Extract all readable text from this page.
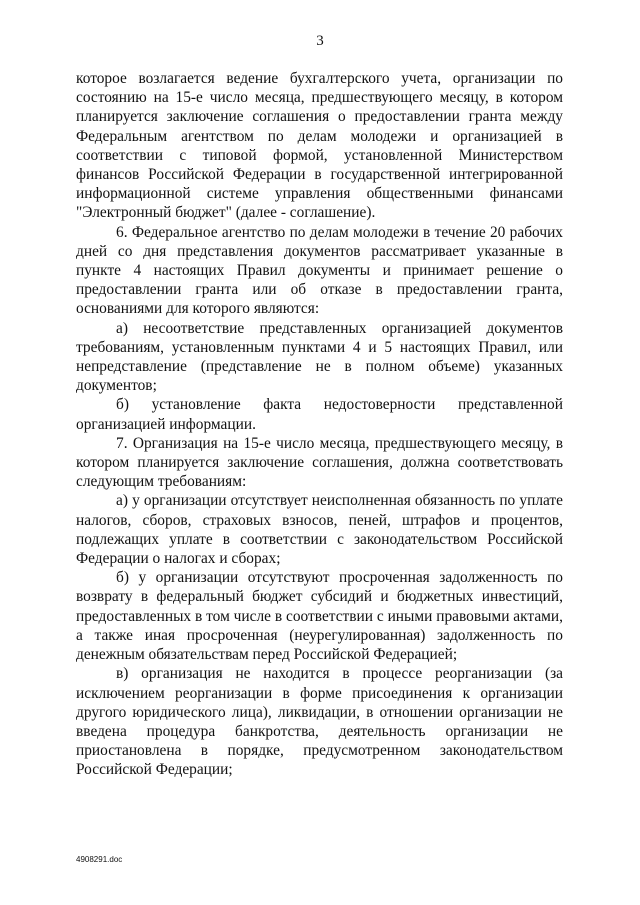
3

которое возлагается ведение бухгалтерского учета, организации по состоянию на 15-е число месяца, предшествующего месяцу, в котором планируется заключение соглашения о предоставлении гранта между Федеральным агентством по делам молодежи и организацией в соответствии с типовой формой, установленной Министерством финансов Российской Федерации в государственной интегрированной информационной системе управления общественными финансами "Электронный бюджет" (далее - соглашение).

6. Федеральное агентство по делам молодежи в течение 20 рабочих дней со дня представления документов рассматривает указанные в пункте 4 настоящих Правил документы и принимает решение о предоставлении гранта или об отказе в предоставлении гранта, основаниями для которого являются:

а) несоответствие представленных организацией документов требованиям, установленным пунктами 4 и 5 настоящих Правил, или непредставление (представление не в полном объеме) указанных документов;

б) установление факта недостоверности представленной организацией информации.

7. Организация на 15-е число месяца, предшествующего месяцу, в котором планируется заключение соглашения, должна соответствовать следующим требованиям:

а) у организации отсутствует неисполненная обязанность по уплате налогов, сборов, страховых взносов, пеней, штрафов и процентов, подлежащих уплате в соответствии с законодательством Российской Федерации о налогах и сборах;

б) у организации отсутствуют просроченная задолженность по возврату в федеральный бюджет субсидий и бюджетных инвестиций, предоставленных в том числе в соответствии с иными правовыми актами, а также иная просроченная (неурегулированная) задолженность по денежным обязательствам перед Российской Федерацией;

в) организация не находится в процессе реорганизации (за исключением реорганизации в форме присоединения к организации другого юридического лица), ликвидации, в отношении организации не введена процедура банкротства, деятельность организации не приостановлена в порядке, предусмотренном законодательством Российской Федерации;

4908291.doc
